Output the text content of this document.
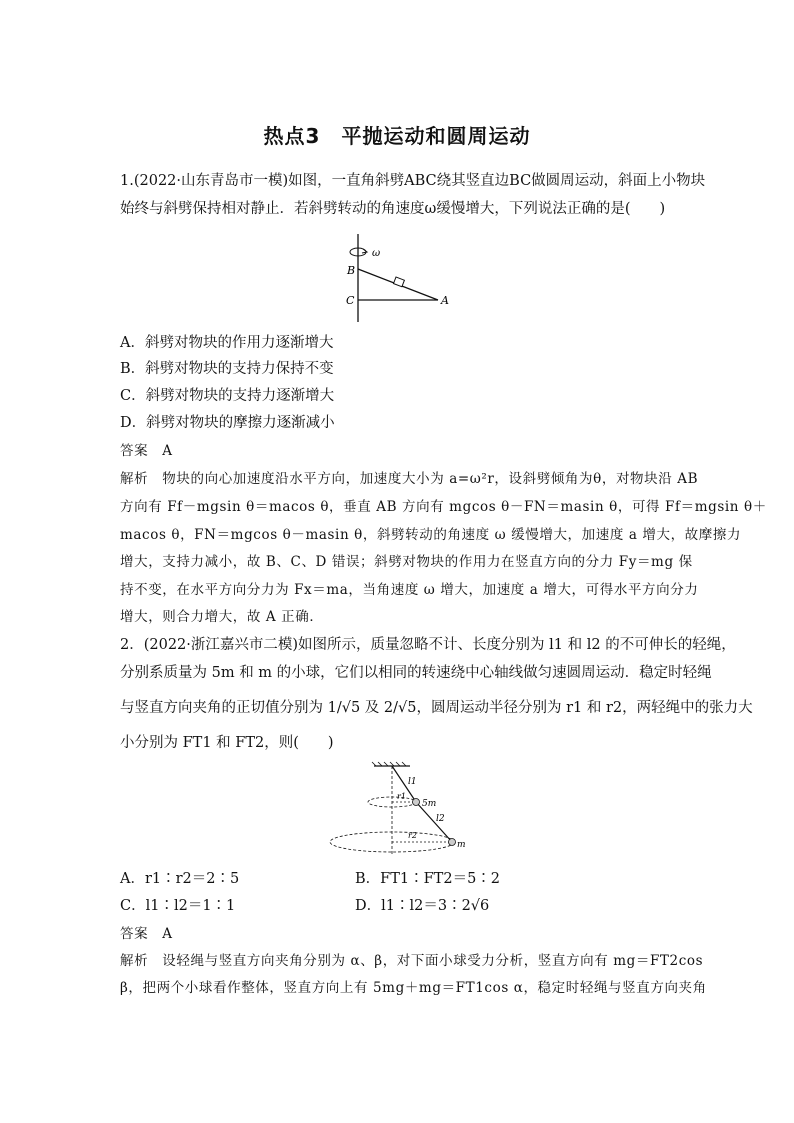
热点3　平抛运动和圆周运动
1.(2022·山东青岛市一模)如图，一直角斜劈ABC绕其竖直边BC做圆周运动，斜面上小物块
始终与斜劈保持相对静止．若斜劈转动的角速度ω缓慢增大，下列说法正确的是(　　)
ω
B
C	A
A．斜劈对物块的作用力逐渐增大
B．斜劈对物块的支持力保持不变
C．斜劈对物块的支持力逐渐增大
D．斜劈对物块的摩擦力逐渐减小
答案　A
解析　物块的向心加速度沿水平方向，加速度大小为 a=ω²r，设斜劈倾角为θ，对物块沿 AB
方向有 Ff－mgsin θ＝macos θ，垂直 AB 方向有 mgcos θ－FN＝masin θ，可得 Ff＝mgsin θ＋
macos θ，FN＝mgcos θ－masin θ，斜劈转动的角速度 ω 缓慢增大，加速度 a 增大，故摩擦力
增大，支持力减小，故 B、C、D 错误；斜劈对物块的作用力在竖直方向的分力 Fy＝mg 保
持不变，在水平方向分力为 Fx＝ma，当角速度 ω 增大，加速度 a 增大，可得水平方向分力
增大，则合力增大，故 A 正确．
2．(2022·浙江嘉兴市二模)如图所示，质量忽略不计、长度分别为 l1 和 l2 的不可伸长的轻绳，
分别系质量为 5m 和 m 的小球，它们以相同的转速绕中心轴线做匀速圆周运动．稳定时轻绳
与竖直方向夹角的正切值分别为 1/√5 及 2/√5，圆周运动半径分别为 r1 和 r2，两轻绳中的张力大
小分别为 FT1 和 FT2，则(　　)
l1
l2
r1
r2
5m
m
A．r1∶r2＝2∶5	B．FT1∶FT2＝5∶2
C．l1∶l2＝1∶1	D．l1∶l2＝3∶2√6
答案　A
解析　设轻绳与竖直方向夹角分别为 α、β，对下面小球受力分析，竖直方向有 mg＝FT2cos
β，把两个小球看作整体，竖直方向上有 5mg＋mg＝FT1cos α，稳定时轻绳与竖直方向夹角
